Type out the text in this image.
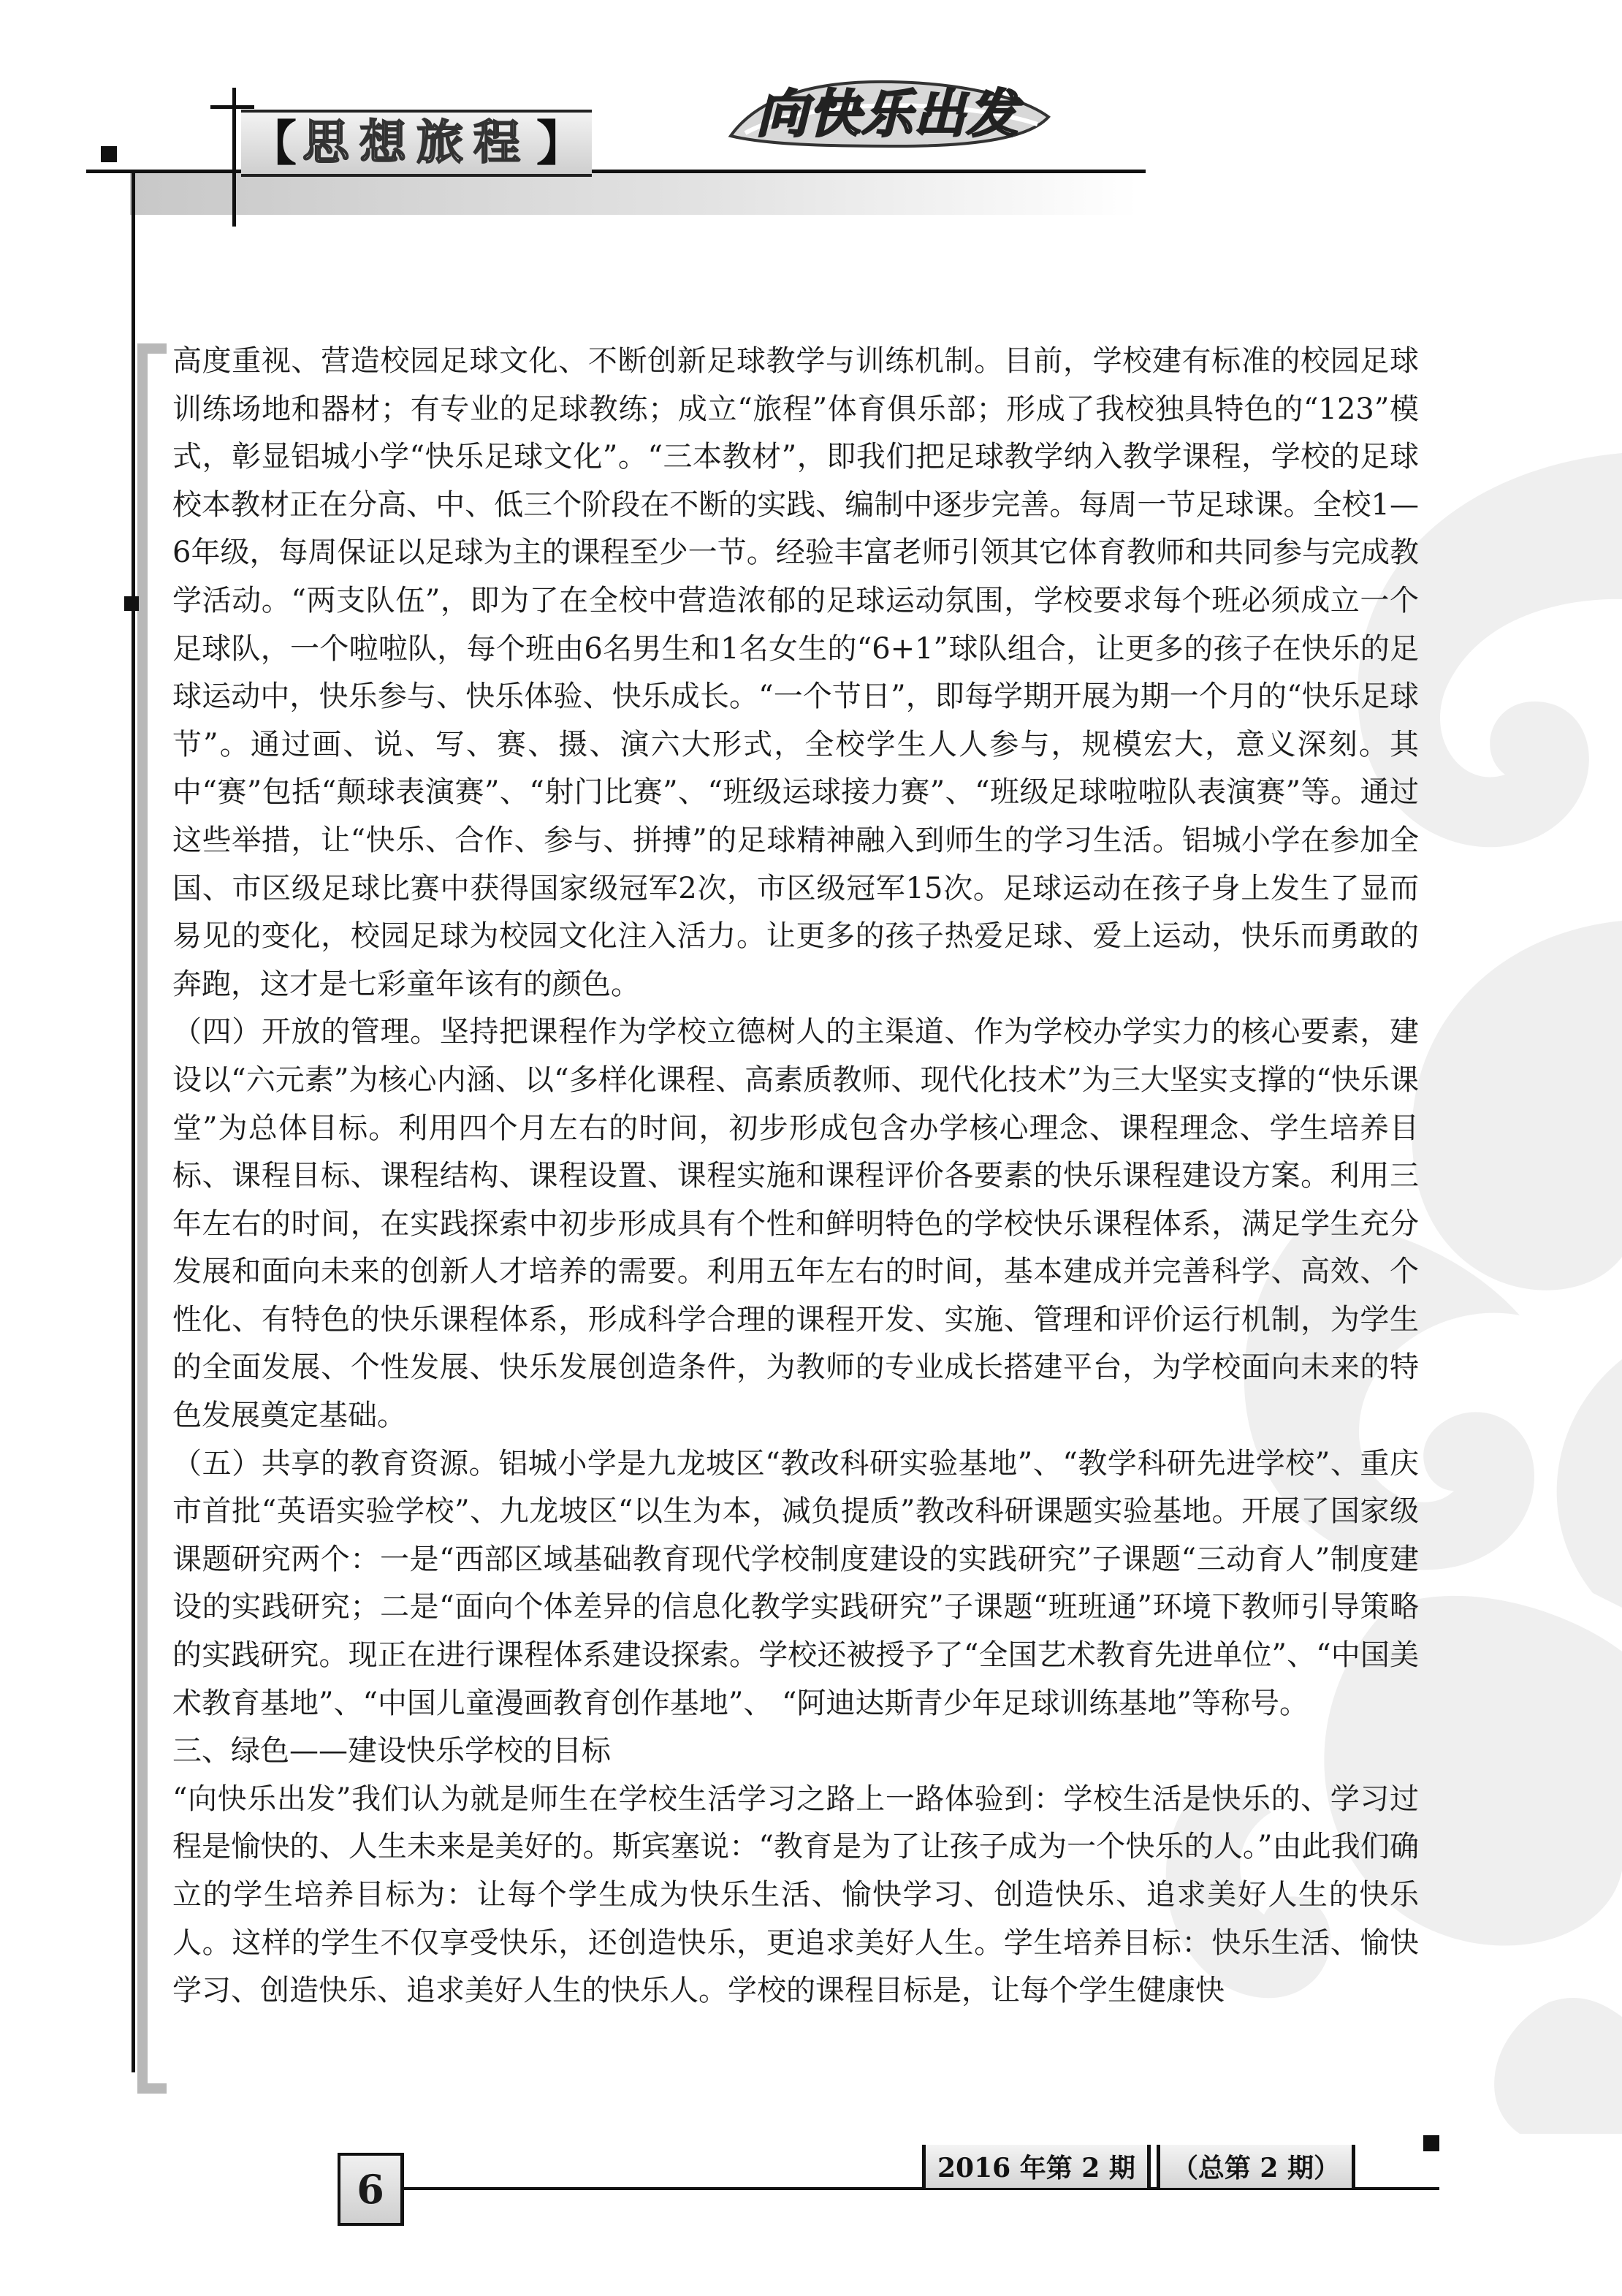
【 思想旅程 】	向快乐出发

高度重视、营造校园足球文化、不断创新足球教学与训练机制。目前，学校建有标准的校园足球训练场地和器材；有专业的足球教练；成立“旅程”体育俱乐部；形成了我校独具特色的“123”模式，彰显铝城小学“快乐足球文化”。“三本教材”，即我们把足球教学纳入教学课程，学校的足球校本教材正在分高、中、低三个阶段在不断的实践、编制中逐步完善。每周一节足球课。全校1—6年级，每周保证以足球为主的课程至少一节。经验丰富老师引领其它体育教师和共同参与完成教学活动。“两支队伍”，即为了在全校中营造浓郁的足球运动氛围，学校要求每个班必须成立一个足球队，一个啦啦队，每个班由6名男生和1名女生的“6+1”球队组合，让更多的孩子在快乐的足球运动中，快乐参与、快乐体验、快乐成长。“一个节日”，即每学期开展为期一个月的“快乐足球节”。通过画、说、写、赛、摄、演六大形式，全校学生人人参与，规模宏大，意义深刻。其中“赛”包括“颠球表演赛”、“射门比赛”、“班级运球接力赛”、“班级足球啦啦队表演赛”等。通过这些举措，让“快乐、合作、参与、拼搏”的足球精神融入到师生的学习生活。铝城小学在参加全国、市区级足球比赛中获得国家级冠军2次，市区级冠军15次。足球运动在孩子身上发生了显而易见的变化，校园足球为校园文化注入活力。让更多的孩子热爱足球、爱上运动，快乐而勇敢的奔跑，这才是七彩童年该有的颜色。

（四）开放的管理。坚持把课程作为学校立德树人的主渠道、作为学校办学实力的核心要素，建设以“六元素”为核心内涵、以“多样化课程、高素质教师、现代化技术”为三大坚实支撑的“快乐课堂”为总体目标。利用四个月左右的时间，初步形成包含办学核心理念、课程理念、学生培养目标、课程目标、课程结构、课程设置、课程实施和课程评价各要素的快乐课程建设方案。利用三年左右的时间，在实践探索中初步形成具有个性和鲜明特色的学校快乐课程体系，满足学生充分发展和面向未来的创新人才培养的需要。利用五年左右的时间，基本建成并完善科学、高效、个性化、有特色的快乐课程体系，形成科学合理的课程开发、实施、管理和评价运行机制，为学生的全面发展、个性发展、快乐发展创造条件，为教师的专业成长搭建平台，为学校面向未来的特色发展奠定基础。

（五）共享的教育资源。铝城小学是九龙坡区“教改科研实验基地”、“教学科研先进学校”、重庆市首批“英语实验学校”、九龙坡区“以生为本，减负提质”教改科研课题实验基地。开展了国家级课题研究两个：一是“西部区域基础教育现代学校制度建设的实践研究”子课题“三动育人”制度建设的实践研究；二是“面向个体差异的信息化教学实践研究”子课题“班班通”环境下教师引导策略的实践研究。现正在进行课程体系建设探索。学校还被授予了“全国艺术教育先进单位”、“中国美术教育基地”、“中国儿童漫画教育创作基地”、 “阿迪达斯青少年足球训练基地”等称号。

三、绿色——建设快乐学校的目标

“向快乐出发”我们认为就是师生在学校生活学习之路上一路体验到：学校生活是快乐的、学习过程是愉快的、人生未来是美好的。斯宾塞说：“教育是为了让孩子成为一个快乐的人。”由此我们确立的学生培养目标为：让每个学生成为快乐生活、愉快学习、创造快乐、追求美好人生的快乐人。这样的学生不仅享受快乐，还创造快乐，更追求美好人生。学生培养目标：快乐生活、愉快学习、创造快乐、追求美好人生的快乐人。学校的课程目标是，让每个学生健康快

6	2016 年第 2 期	（总第 2 期）
